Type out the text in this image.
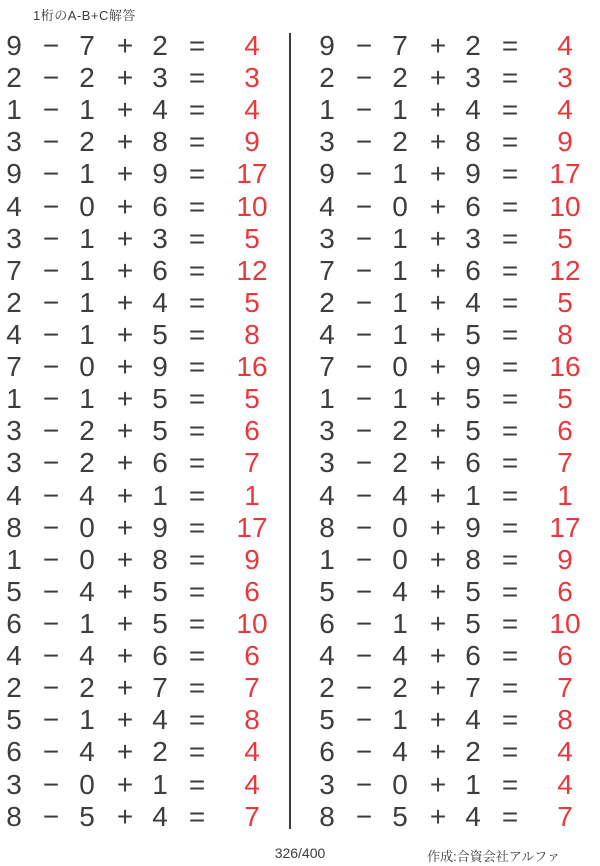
1桁のA-B+C解答
9 − 7 + 2 = 4
2 − 2 + 3 = 3
1 − 1 + 4 = 4
3 − 2 + 8 = 9
9 − 1 + 9 = 17
4 − 0 + 6 = 10
3 − 1 + 3 = 5
7 − 1 + 6 = 12
2 − 1 + 4 = 5
4 − 1 + 5 = 8
7 − 0 + 9 = 16
1 − 1 + 5 = 5
3 − 2 + 5 = 6
3 − 2 + 6 = 7
4 − 4 + 1 = 1
8 − 0 + 9 = 17
1 − 0 + 8 = 9
5 − 4 + 5 = 6
6 − 1 + 5 = 10
4 − 4 + 6 = 6
2 − 2 + 7 = 7
5 − 1 + 4 = 8
6 − 4 + 2 = 4
3 − 0 + 1 = 4
8 − 5 + 4 = 7
9 − 7 + 2 = 4
2 − 2 + 3 = 3
1 − 1 + 4 = 4
3 − 2 + 8 = 9
9 − 1 + 9 = 17
4 − 0 + 6 = 10
3 − 1 + 3 = 5
7 − 1 + 6 = 12
2 − 1 + 4 = 5
4 − 1 + 5 = 8
7 − 0 + 9 = 16
1 − 1 + 5 = 5
3 − 2 + 5 = 6
3 − 2 + 6 = 7
4 − 4 + 1 = 1
8 − 0 + 9 = 17
1 − 0 + 8 = 9
5 − 4 + 5 = 6
6 − 1 + 5 = 10
4 − 4 + 6 = 6
2 − 2 + 7 = 7
5 − 1 + 4 = 8
6 − 4 + 2 = 4
3 − 0 + 1 = 4
8 − 5 + 4 = 7
326/400	作成:合資会社アルファ
